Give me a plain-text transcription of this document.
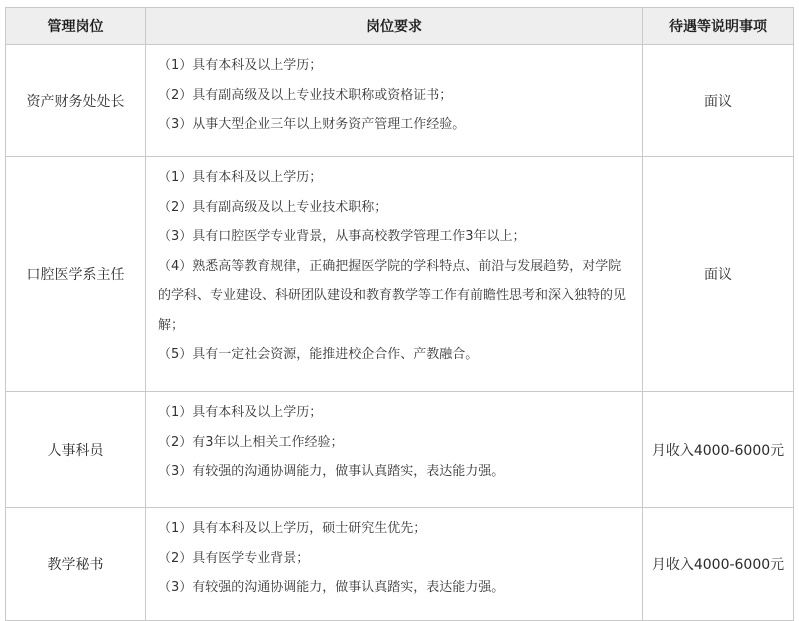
管理岗位	岗位要求	待遇等说明事项
资产财务处处长	（1）具有本科及以上学历；
（2）具有副高级及以上专业技术职称或资格证书；
（3）从事大型企业三年以上财务资产管理工作经验。	面议
口腔医学系主任	（1）具有本科及以上学历；
（2）具有副高级及以上专业技术职称；
（3）具有口腔医学专业背景，从事高校教学管理工作3年以上；
（4）熟悉高等教育规律，正确把握医学院的学科特点、前沿与发展趋势，对学院的学科、专业建设、科研团队建设和教育教学等工作有前瞻性思考和深入独特的见解；
（5）具有一定社会资源，能推进校企合作、产教融合。	面议
人事科员	（1）具有本科及以上学历；
（2）有3年以上相关工作经验；
（3）有较强的沟通协调能力，做事认真踏实，表达能力强。	月收入4000-6000元
教学秘书	（1）具有本科及以上学历，硕士研究生优先；
（2）具有医学专业背景；
（3）有较强的沟通协调能力，做事认真踏实，表达能力强。	月收入4000-6000元
